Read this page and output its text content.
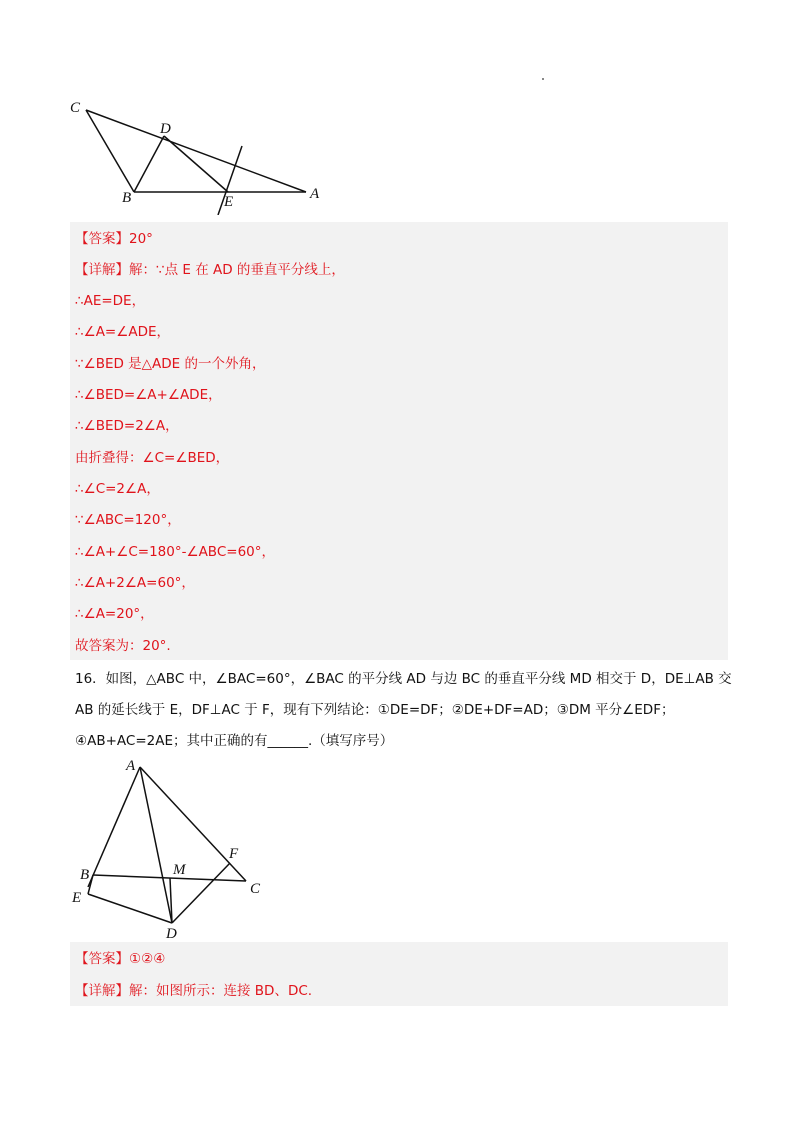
C
D
B	E	A
【答案】20°
【详解】解：∵点 E 在 AD 的垂直平分线上，
∴AE=DE，
∴∠A=∠ADE，
∵∠BED 是△ADE 的一个外角，
∴∠BED=∠A+∠ADE，
∴∠BED=2∠A，
由折叠得：∠C=∠BED，
∴∠C=2∠A，
∵∠ABC=120°，
∴∠A+∠C=180°-∠ABC=60°，
∴∠A+2∠A=60°，
∴∠A=20°，
故答案为：20°.
16．如图，△ABC 中，∠BAC=60°，∠BAC 的平分线 AD 与边 BC 的垂直平分线 MD 相交于 D，DE⊥AB 交
AB 的延长线于 E，DF⊥AC 于 F，现有下列结论：①DE=DF；②DE+DF=AD；③DM 平分∠EDF；
④AB+AC=2AE；其中正确的有______.（填写序号）
A
B	M
F
C
E
D
【答案】①②④
【详解】解：如图所示：连接 BD、DC.
